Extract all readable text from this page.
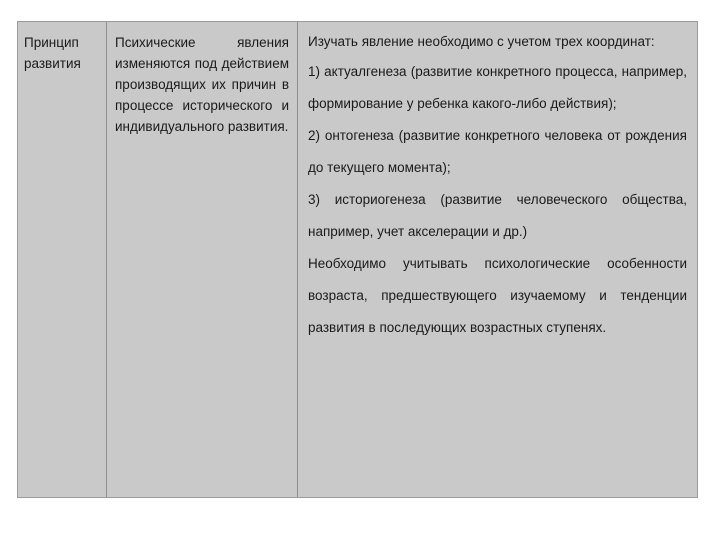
Принцип развития

Психические явления изменяются под действием производящих их причин в процессе исторического и индивидуального развития.

Изучать явление необходимо с учетом трех координат:

1) актуалгенеза (развитие конкретного процесса, например, формирование у ребенка какого-либо действия);

2) онтогенеза (развитие конкретного человека от рождения до текущего момента);

3) историогенеза (развитие человеческого общества, например, учет акселерации и др.)

Необходимо учитывать психологические особенности возраста, предшествующего изучаемому и тенденции развития в последующих возрастных ступенях.
